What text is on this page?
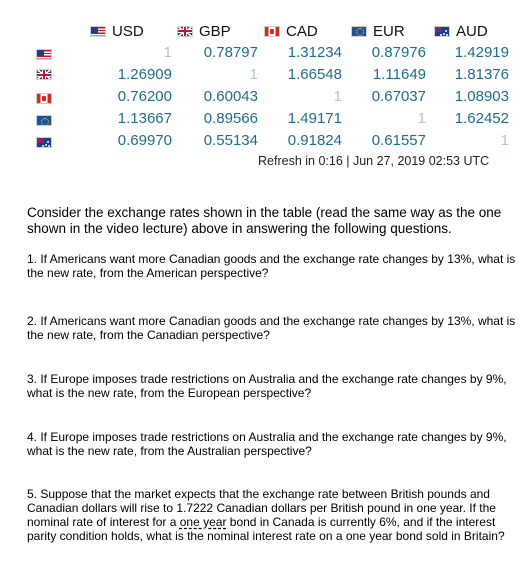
USD	GBP	CAD	EUR	AUD
1	0.78797	1.31234	0.87976	1.42919
1.26909	1	1.66548	1.11649	1.81376
0.76200	0.60043	1	0.67037	1.08903
1.13667	0.89566	1.49171	1	1.62452
0.69970	0.55134	0.91824	0.61557	1
Refresh in 0:16 | Jun 27, 2019 02:53 UTC
Consider the exchange rates shown in the table (read the same way as the one shown in the video lecture) above in answering the following questions.
1. If Americans want more Canadian goods and the exchange rate changes by 13%, what is the new rate, from the American perspective?
2. If Americans want more Canadian goods and the exchange rate changes by 13%, what is the new rate, from the Canadian perspective?
3. If Europe imposes trade restrictions on Australia and the exchange rate changes by 9%, what is the new rate, from the European perspective?
4. If Europe imposes trade restrictions on Australia and the exchange rate changes by 9%, what is the new rate, from the Australian perspective?
5. Suppose that the market expects that the exchange rate between British pounds and Canadian dollars will rise to 1.7222 Canadian dollars per British pound in one year. If the nominal rate of interest for a one year bond in Canada is currently 6%, and if the interest parity condition holds, what is the nominal interest rate on a one year bond sold in Britain?
